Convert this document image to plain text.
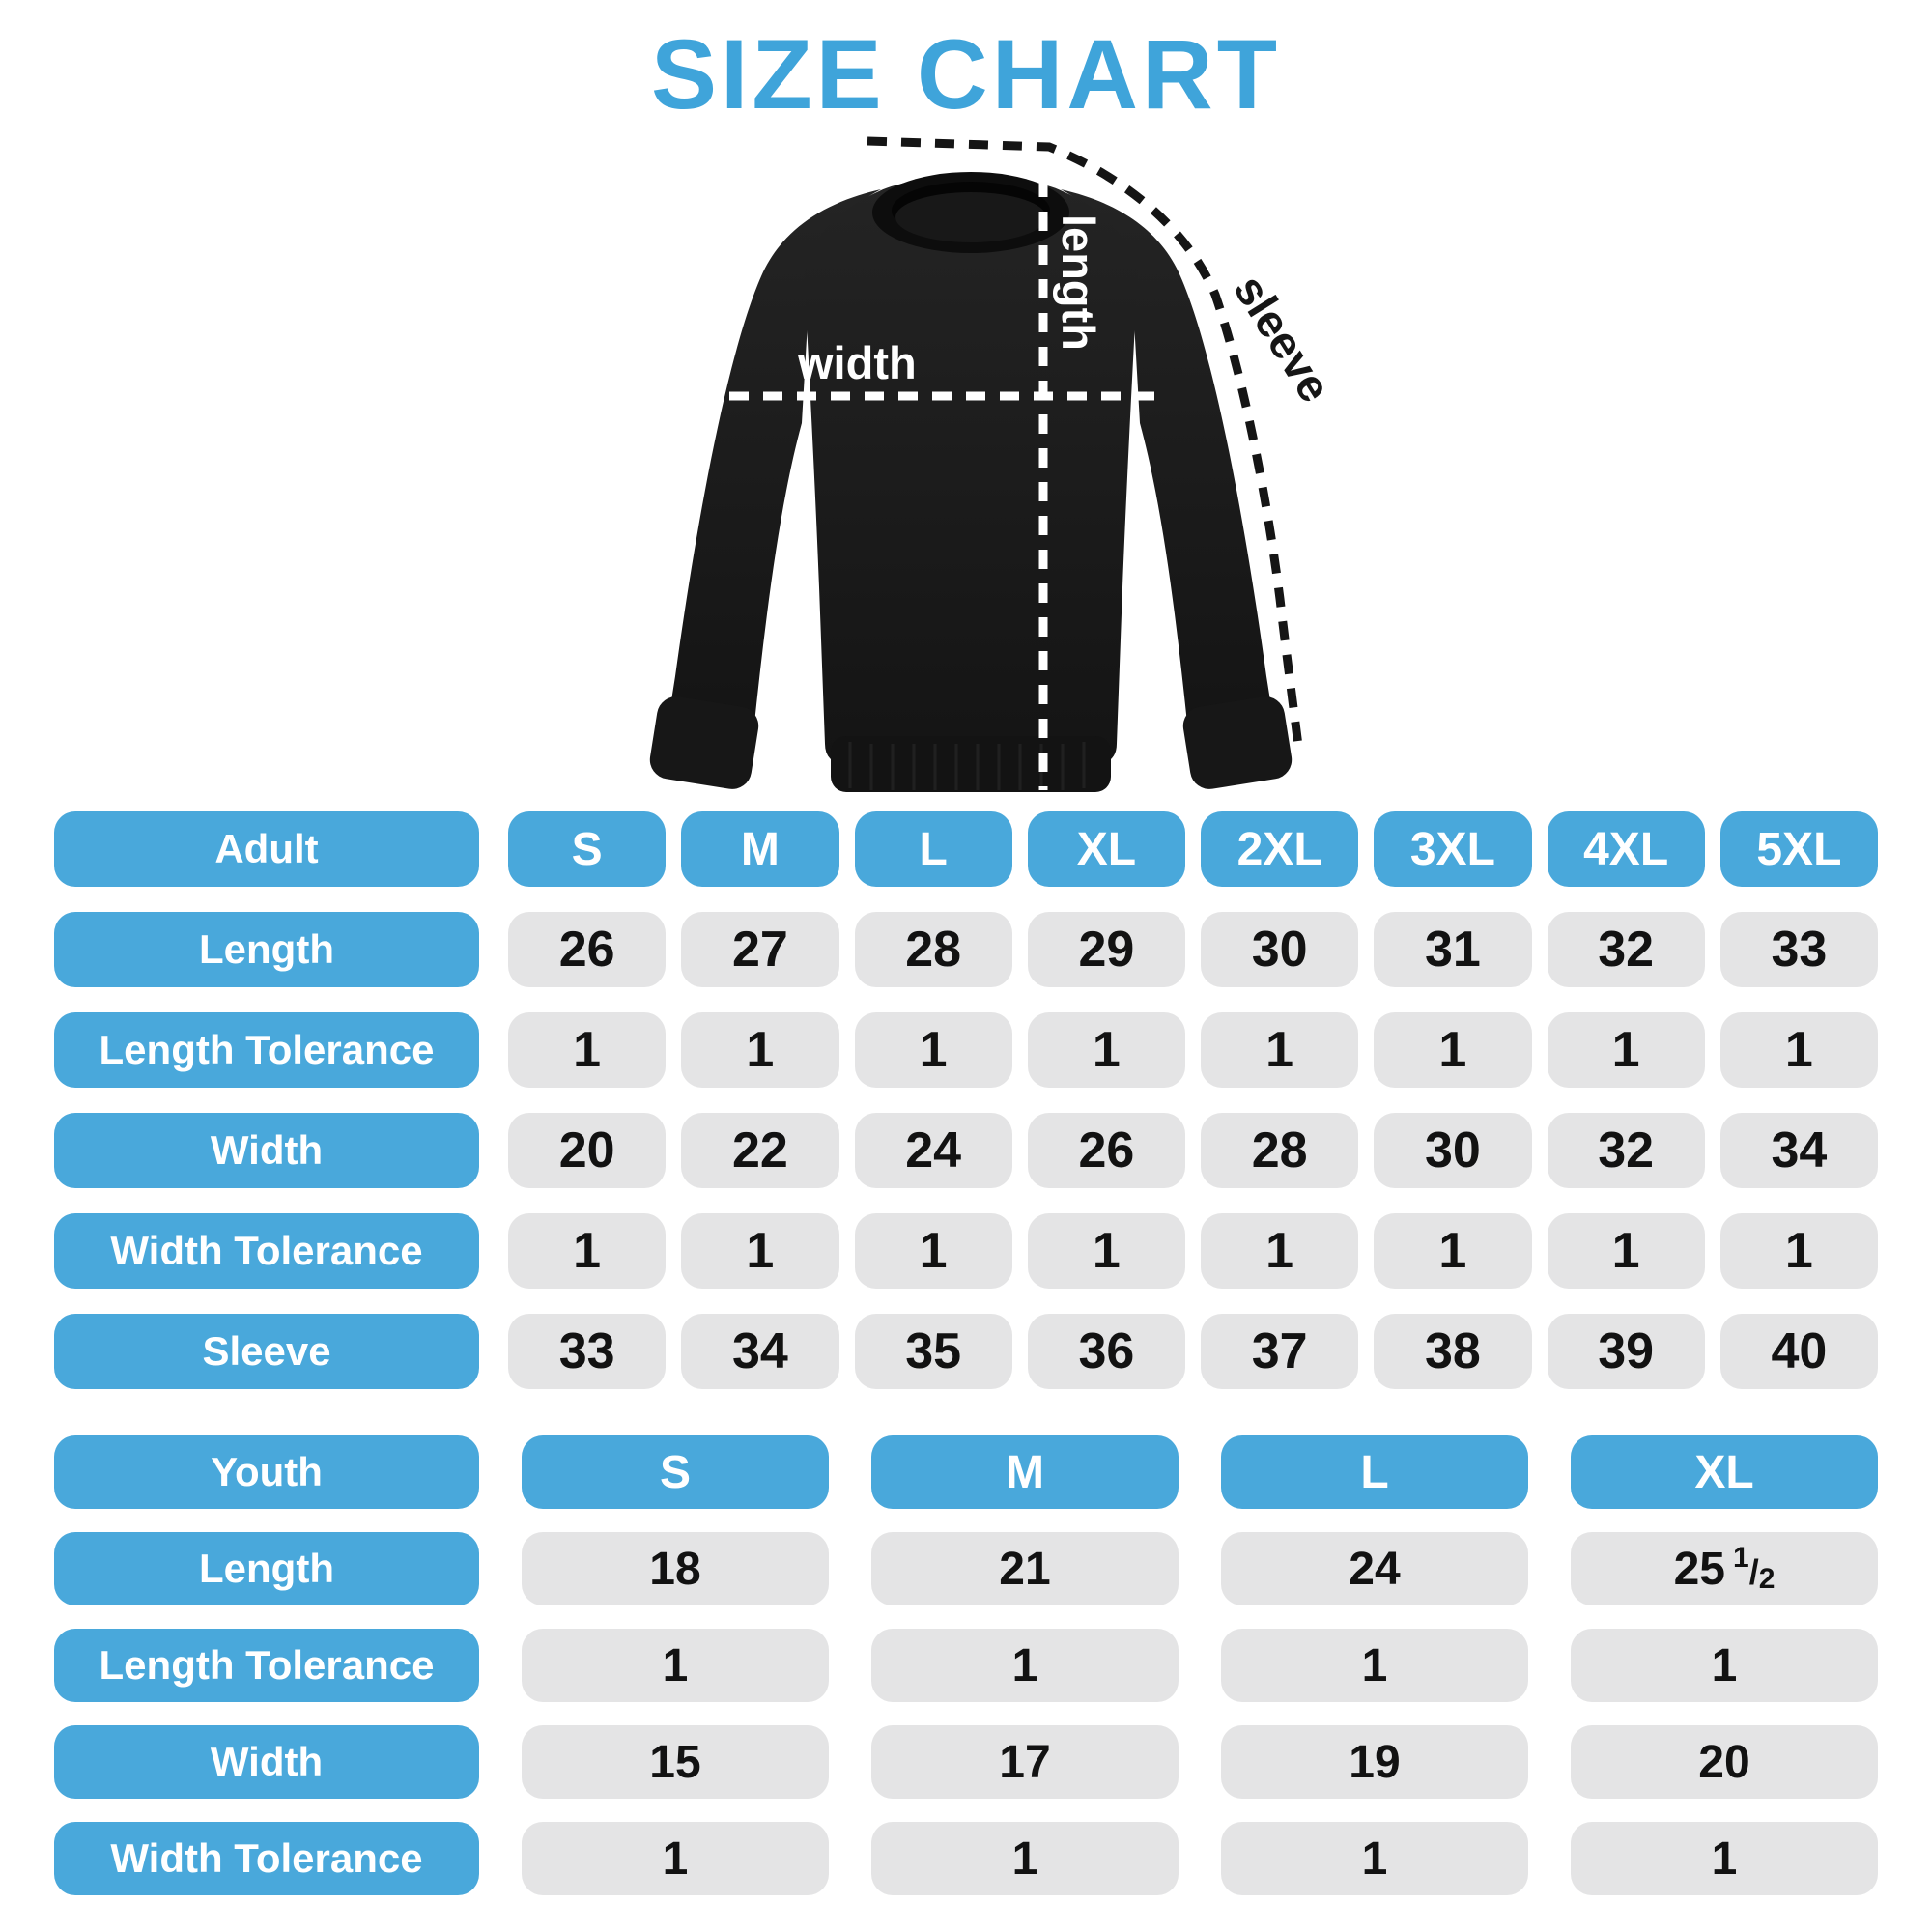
SIZE CHART
length
width	sleeve
Adult	S	M	L	XL	2XL	3XL	4XL	5XL
Length	26	27	28	29	30	31	32	33
Length Tolerance	1	1	1	1	1	1	1	1
Width	20	22	24	26	28	30	32	34
Width Tolerance	1	1	1	1	1	1	1	1
Sleeve	33	34	35	36	37	38	39	40
Youth	S	M	L	XL
Length	18	21	24	25 $^1/_2$
Length Tolerance	1	1	1	1
Width	15	17	19	20
Width Tolerance	1	1	1	1
